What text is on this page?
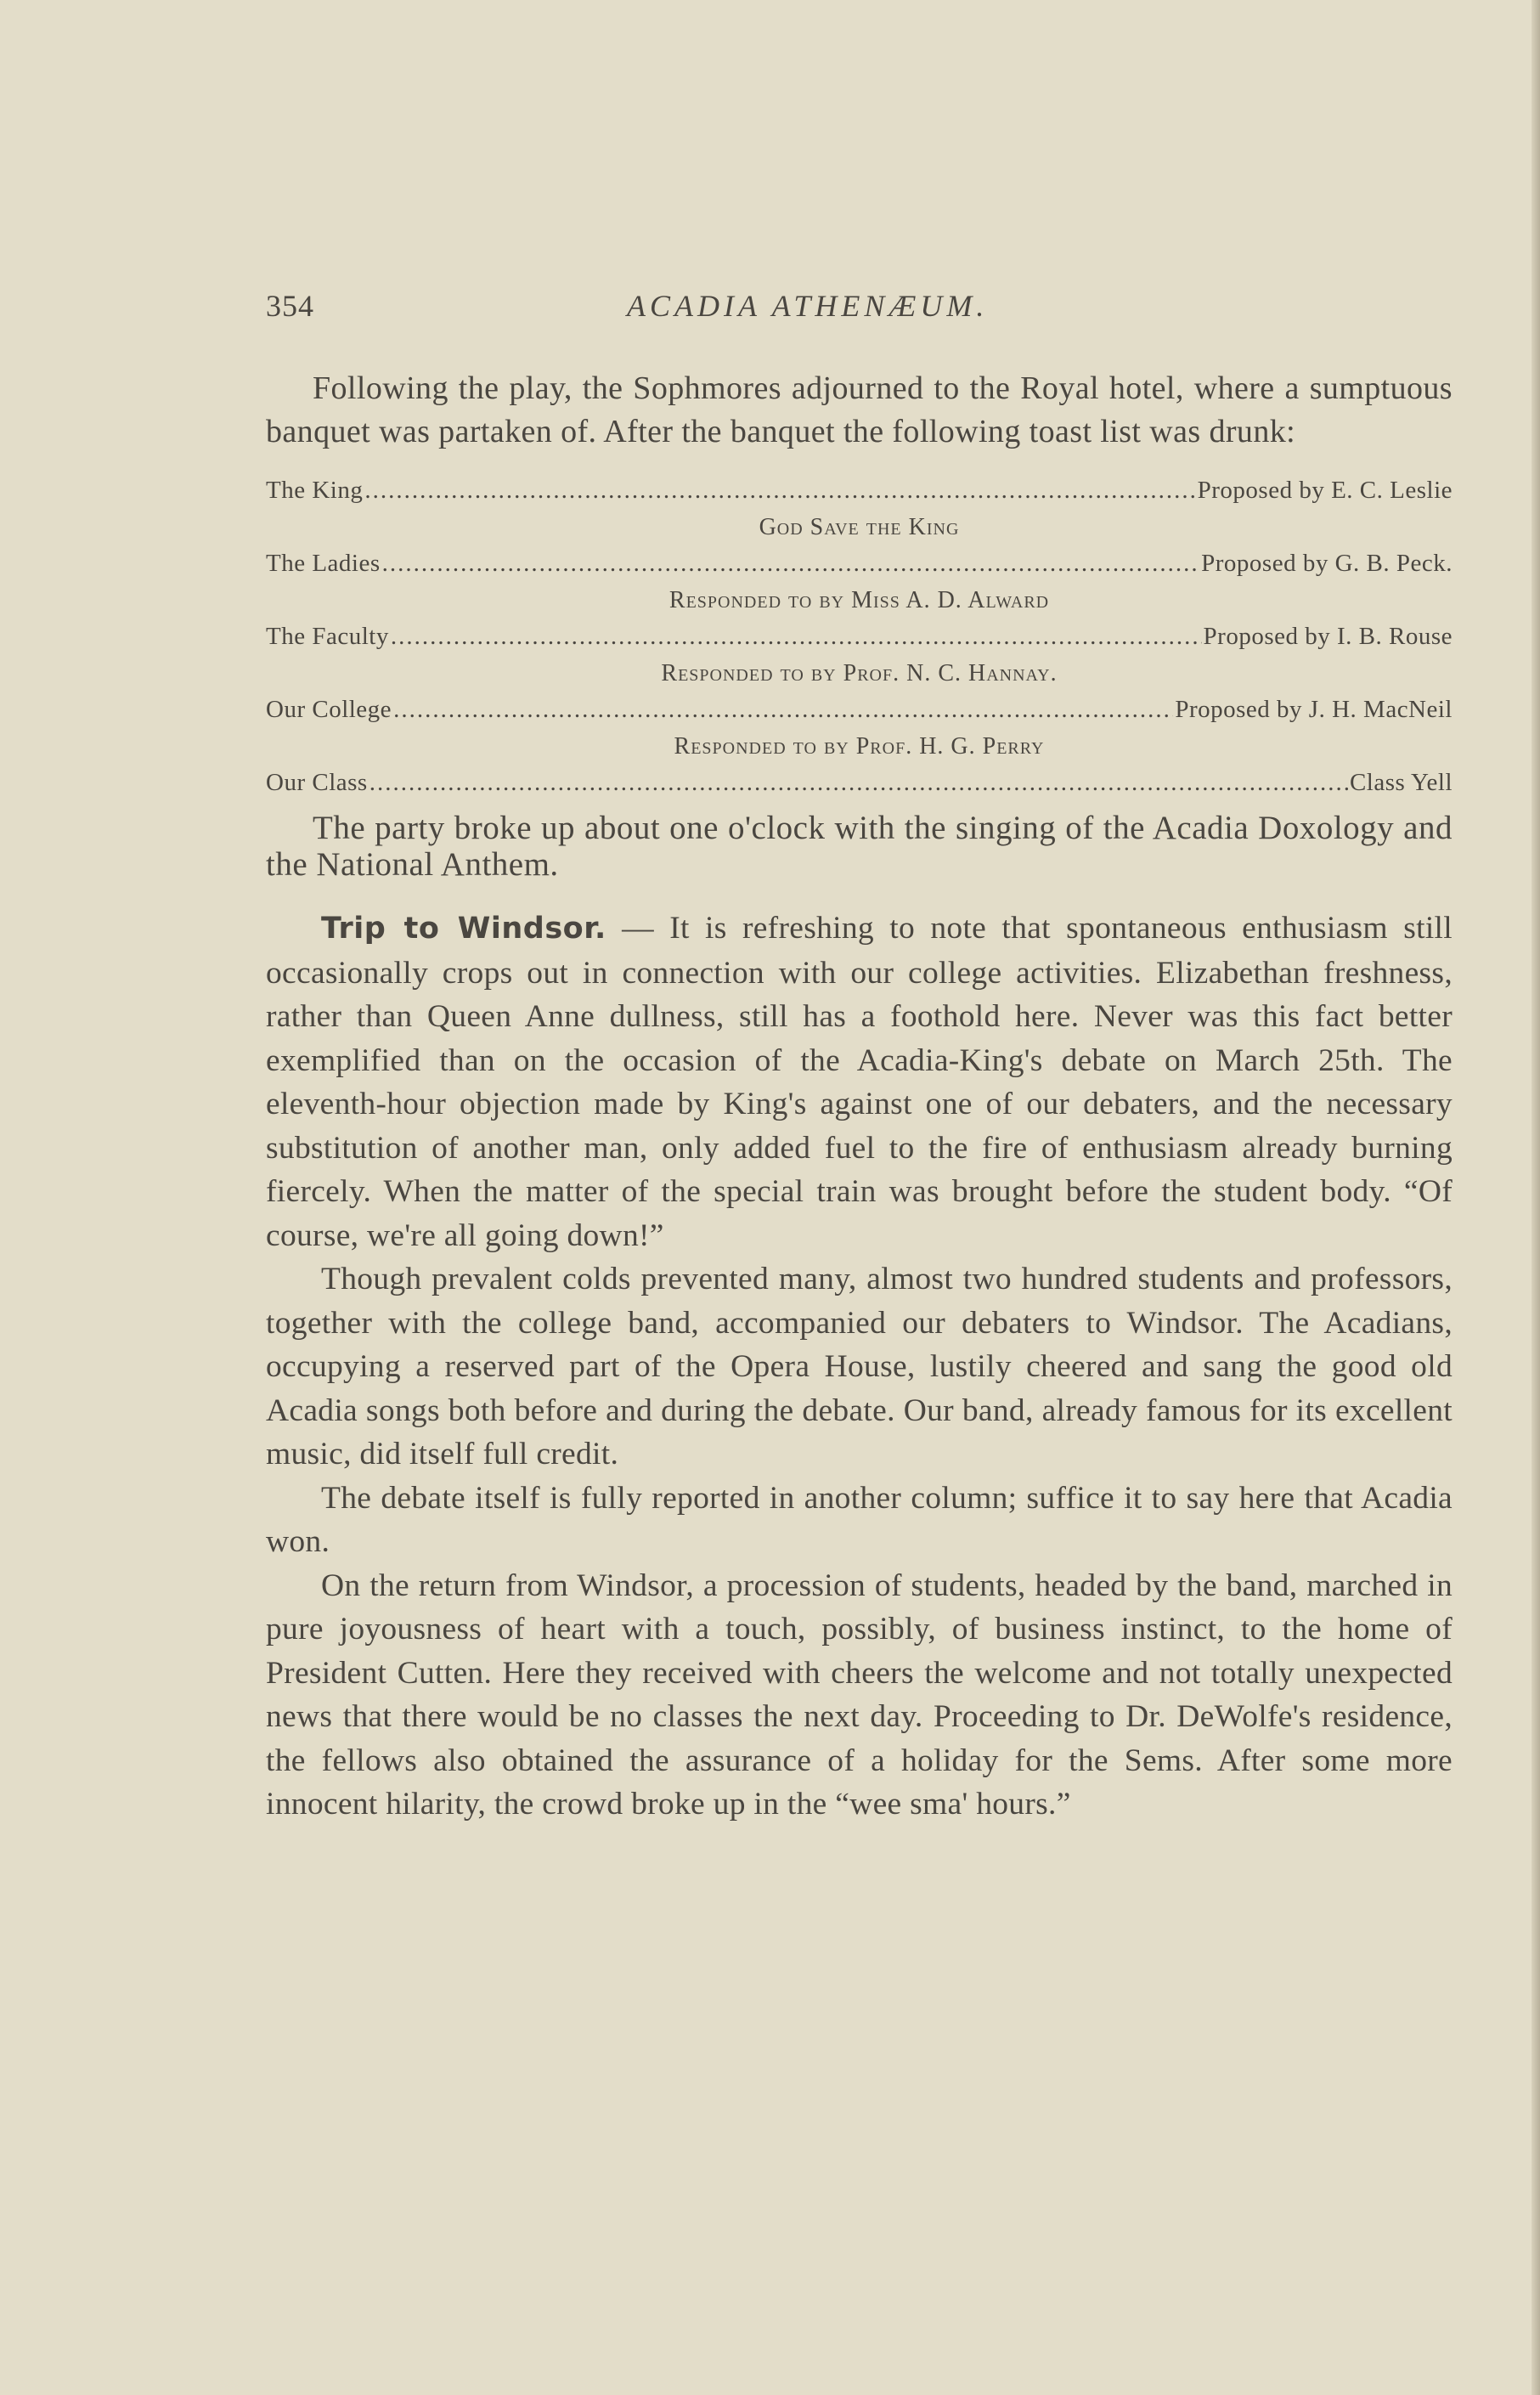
354	ACADIA ATHENÆUM.

Following the play, the Sophmores adjourned to the Royal hotel, where a sumptuous banquet was partaken of. After the banquet the following toast list was drunk:

The King .....	Proposed by E. C. Leslie
God Save the King
The Ladies .....	Proposed by G. B. Peck.
Responded to by Miss A. D. Alward
The Faculty .....	Proposed by I. B. Rouse
Responded to by Prof. N. C. Hannay.
Our College .....	Proposed by J. H. MacNeil
Responded to by Prof. H. G. Perry
Our Class .....	Class Yell

The party broke up about one o'clock with the singing of the Acadia Doxology and the National Anthem.

Trip to Windsor. — It is refreshing to note that spontaneous enthusiasm still occasionally crops out in connection with our college activities. Elizabethan freshness, rather than Queen Anne dullness, still has a foothold here. Never was this fact better exemplified than on the occasion of the Acadia-King's debate on March 25th. The eleventh-hour objection made by King's against one of our debaters, and the necessary substitution of another man, only added fuel to the fire of enthusiasm already burning fiercely. When the matter of the special train was brought before the student body. “Of course, we're all going down!”

Though prevalent colds prevented many, almost two hundred students and professors, together with the college band, accompanied our debaters to Windsor. The Acadians, occupying a reserved part of the Opera House, lustily cheered and sang the good old Acadia songs both before and during the debate. Our band, already famous for its excellent music, did itself full credit.

The debate itself is fully reported in another column; suffice it to say here that Acadia won.

On the return from Windsor, a procession of students, headed by the band, marched in pure joyousness of heart with a touch, possibly, of business instinct, to the home of President Cutten. Here they received with cheers the welcome and not totally unexpected news that there would be no classes the next day. Proceeding to Dr. DeWolfe's residence, the fellows also obtained the assurance of a holiday for the Sems. After some more innocent hilarity, the crowd broke up in the “wee sma' hours.”
